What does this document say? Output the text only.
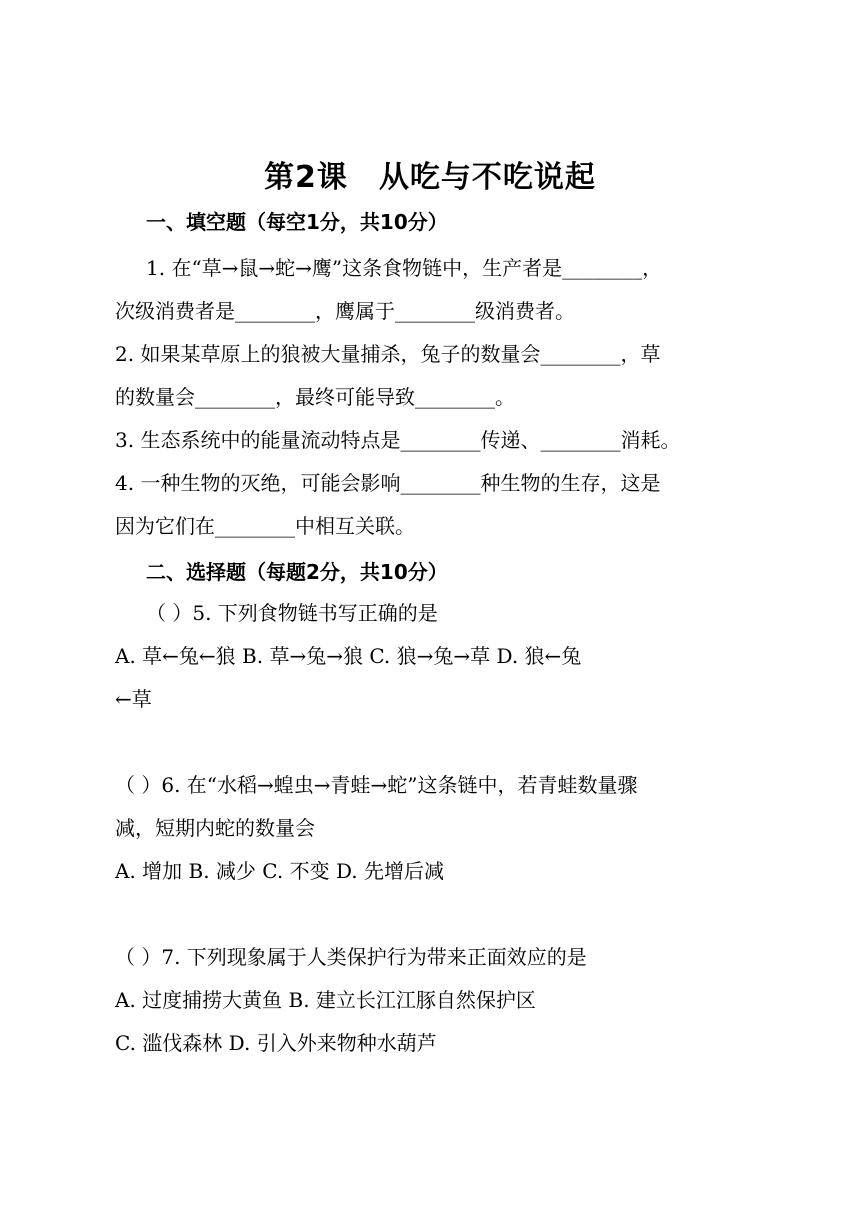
第2课　从吃与不吃说起
一、填空题（每空1分，共10分）
1. 在“草→鼠→蛇→鹰”这条食物链中，生产者是________，
次级消费者是________，鹰属于________级消费者。
2. 如果某草原上的狼被大量捕杀，兔子的数量会________，草
的数量会________，最终可能导致________。
3. 生态系统中的能量流动特点是________传递、________消耗。
4. 一种生物的灭绝，可能会影响________种生物的生存，这是
因为它们在________中相互关联。
二、选择题（每题2分，共10分）
（ ）5. 下列食物链书写正确的是
A. 草←兔←狼 B. 草→兔→狼 C. 狼→兔→草 D. 狼←兔
←草
（ ）6. 在“水稻→蝗虫→青蛙→蛇”这条链中，若青蛙数量骤
减，短期内蛇的数量会
A. 增加 B. 减少 C. 不变 D. 先增后减
（ ）7. 下列现象属于人类保护行为带来正面效应的是
A. 过度捕捞大黄鱼 B. 建立长江江豚自然保护区
C. 滥伐森林 D. 引入外来物种水葫芦
